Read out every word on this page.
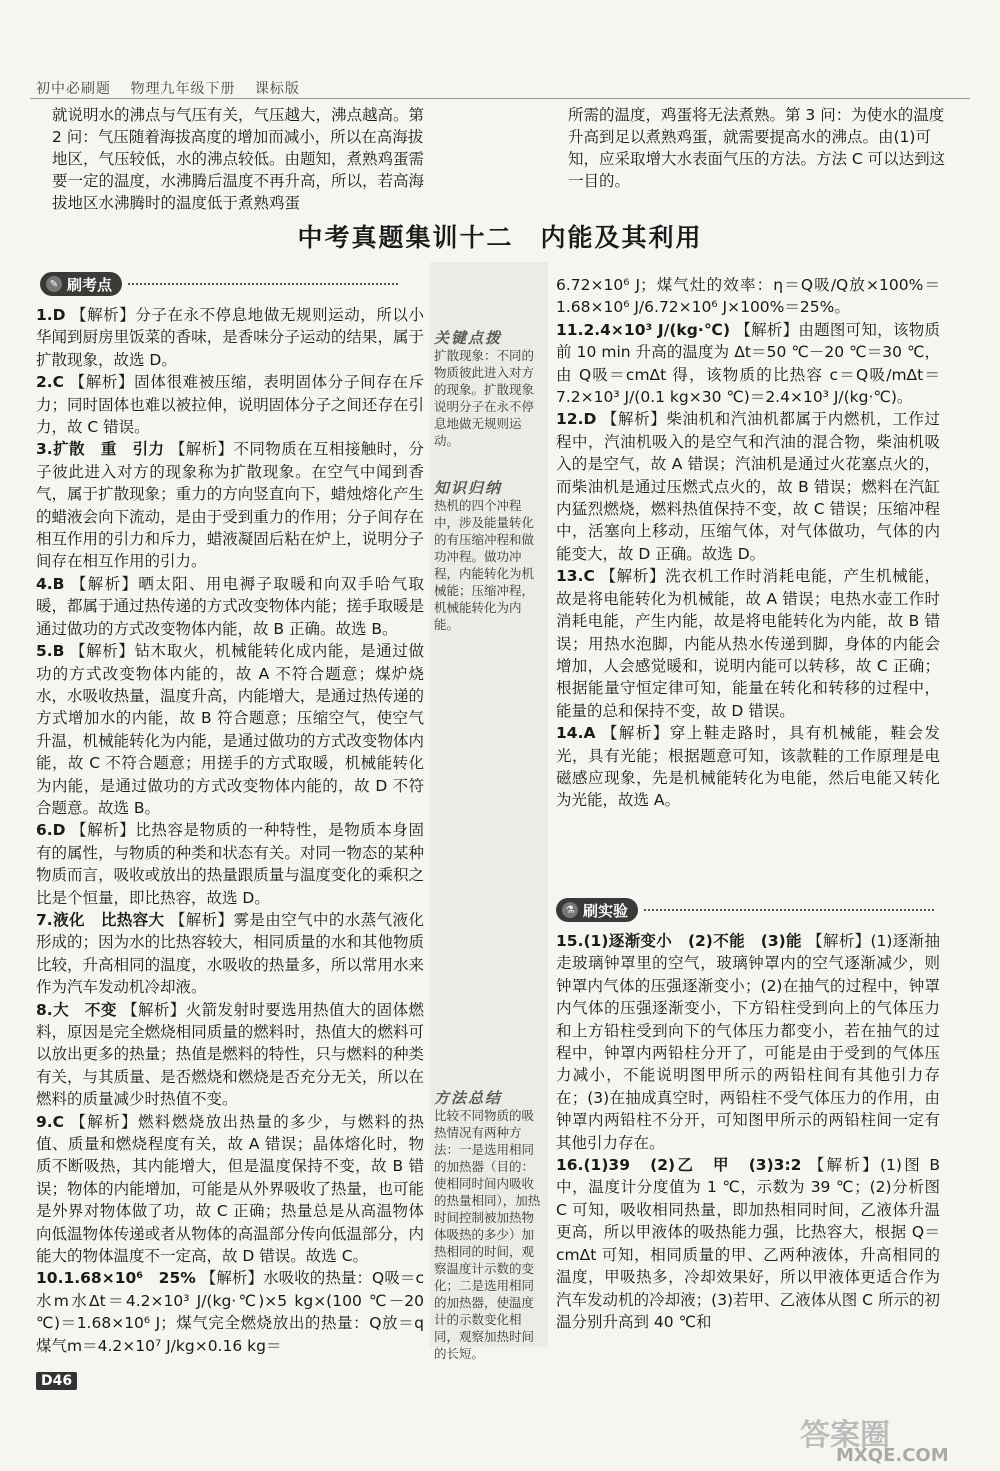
初中必刷题 物理九年级下册 课标版
就说明水的沸点与气压有关，气压越大，沸点越高。第 2 问：气压随着海拔高度的增加而减小，所以在高海拔地区，气压较低，水的沸点较低。由题知，煮熟鸡蛋需要一定的温度，水沸腾后温度不再升高，所以，若高海拔地区水沸腾时的温度低于煮熟鸡蛋
所需的温度，鸡蛋将无法煮熟。第 3 问：为使水的温度升高到足以煮熟鸡蛋，就需要提高水的沸点。由(1)可知，应采取增大水表面气压的方法。方法 C 可以达到这一目的。
中考真题集训十二　内能及其利用
✎ 刷考点

1.D 【解析】分子在永不停息地做无规则运动，所以小华闻到厨房里饭菜的香味，是香味分子运动的结果，属于扩散现象，故选 D。

2.C 【解析】固体很难被压缩，表明固体分子间存在斥力；同时固体也难以被拉伸，说明固体分子之间还存在引力，故 C 错误。

3.扩散　重　引力 【解析】不同物质在互相接触时，分子彼此进入对方的现象称为扩散现象。在空气中闻到香气，属于扩散现象；重力的方向竖直向下，蜡烛熔化产生的蜡液会向下流动，是由于受到重力的作用；分子间存在相互作用的引力和斥力，蜡液凝固后粘在炉上，说明分子间存在相互作用的引力。

4.B 【解析】晒太阳、用电褥子取暖和向双手哈气取暖，都属于通过热传递的方式改变物体内能；搓手取暖是通过做功的方式改变物体内能，故 B 正确。故选 B。

5.B 【解析】钻木取火，机械能转化成内能，是通过做功的方式改变物体内能的，故 A 不符合题意；煤炉烧水，水吸收热量，温度升高，内能增大，是通过热传递的方式增加水的内能，故 B 符合题意；压缩空气，使空气升温，机械能转化为内能，是通过做功的方式改变物体内能，故 C 不符合题意；用搓手的方式取暖，机械能转化为内能，是通过做功的方式改变物体内能的，故 D 不符合题意。故选 B。

6.D 【解析】比热容是物质的一种特性，是物质本身固有的属性，与物质的种类和状态有关。对同一物态的某种物质而言，吸收或放出的热量跟质量与温度变化的乘积之比是个恒量，即比热容，故选 D。

7.液化　比热容大 【解析】雾是由空气中的水蒸气液化形成的；因为水的比热容较大，相同质量的水和其他物质比较，升高相同的温度，水吸收的热量多，所以常用水来作为汽车发动机冷却液。

8.大　不变 【解析】火箭发射时要选用热值大的固体燃料，原因是完全燃烧相同质量的燃料时，热值大的燃料可以放出更多的热量；热值是燃料的特性，只与燃料的种类有关，与其质量、是否燃烧和燃烧是否充分无关，所以在燃料的质量减少时热值不变。

9.C 【解析】燃料燃烧放出热量的多少，与燃料的热值、质量和燃烧程度有关，故 A 错误；晶体熔化时，物质不断吸热，其内能增大，但是温度保持不变，故 B 错误；物体的内能增加，可能是从外界吸收了热量，也可能是外界对物体做了功，故 C 正确；热量总是从高温物体向低温物体传递或者从物体的高温部分传向低温部分，内能大的物体温度不一定高，故 D 错误。故选 C。

10.1.68×10⁶　25% 【解析】水吸收的热量：Q吸＝c水m水Δt＝4.2×10³ J/(kg·℃)×5 kg×(100 ℃－20 ℃)＝1.68×10⁶ J；煤气完全燃烧放出的热量：Q放＝q煤气m＝4.2×10⁷ J/kg×0.16 kg＝

关键点拨

扩散现象：不同的物质彼此进入对方的现象。扩散现象说明分子在永不停息地做无规则运动。

知识归纳

热机的四个冲程中，涉及能量转化的有压缩冲程和做功冲程。做功冲程，内能转化为机械能；压缩冲程，机械能转化为内能。

方法总结

比较不同物质的吸热情况有两种方法：一是选用相同的加热器（目的：使相同时间内吸收的热量相同），加热时间控制被加热物体吸热的多少）加热相同的时间，观察温度计示数的变化；二是选用相同的加热器，使温度计的示数变化相同，观察加热时间的长短。

6.72×10⁶ J；煤气灶的效率：η＝Q吸/Q放×100%＝1.68×10⁶ J/6.72×10⁶ J×100%＝25%。

11.2.4×10³ J/(kg·℃) 【解析】由题图可知，该物质前 10 min 升高的温度为 Δt＝50 ℃－20 ℃＝30 ℃，由 Q吸＝cmΔt 得，该物质的比热容 c＝Q吸/mΔt＝7.2×10³ J/(0.1 kg×30 ℃)＝2.4×10³ J/(kg·℃)。

12.D 【解析】柴油机和汽油机都属于内燃机，工作过程中，汽油机吸入的是空气和汽油的混合物，柴油机吸入的是空气，故 A 错误；汽油机是通过火花塞点火的，而柴油机是通过压燃式点火的，故 B 错误；燃料在汽缸内猛烈燃烧，燃料热值保持不变，故 C 错误；压缩冲程中，活塞向上移动，压缩气体，对气体做功，气体的内能变大，故 D 正确。故选 D。

13.C 【解析】洗衣机工作时消耗电能，产生机械能，故是将电能转化为机械能，故 A 错误；电热水壶工作时消耗电能，产生内能，故是将电能转化为内能，故 B 错误；用热水泡脚，内能从热水传递到脚，身体的内能会增加，人会感觉暖和，说明内能可以转移，故 C 正确；根据能量守恒定律可知，能量在转化和转移的过程中，能量的总和保持不变，故 D 错误。

14.A 【解析】穿上鞋走路时，具有机械能，鞋会发光，具有光能；根据题意可知，该款鞋的工作原理是电磁感应现象，先是机械能转化为电能，然后电能又转化为光能，故选 A。

⚗ 刷实验

15.(1)逐渐变小　(2)不能　(3)能 【解析】(1)逐渐抽走玻璃钟罩里的空气，玻璃钟罩内的空气逐渐减少，则钟罩内气体的压强逐渐变小；(2)在抽气的过程中，钟罩内气体的压强逐渐变小，下方铅柱受到向上的气体压力和上方铅柱受到向下的气体压力都变小，若在抽气的过程中，钟罩内两铅柱分开了，可能是由于受到的气体压力减小，不能说明图甲所示的两铅柱间有其他引力存在；(3)在抽成真空时，两铅柱不受气体压力的作用，由钟罩内两铅柱不分开，可知图甲所示的两铅柱间一定有其他引力存在。

16.(1)39　(2)乙　甲　(3)3:2 【解析】(1)图 B 中，温度计分度值为 1 ℃，示数为 39 ℃；(2)分析图 C 可知，吸收相同热量，即加热相同时间，乙液体升温更高，所以甲液体的吸热能力强，比热容大，根据 Q＝cmΔt 可知，相同质量的甲、乙两种液体，升高相同的温度，甲吸热多，冷却效果好，所以甲液体更适合作为汽车发动机的冷却液；(3)若甲、乙液体从图 C 所示的初温分别升高到 40 ℃和

D46
答案圈
MXQE.COM
